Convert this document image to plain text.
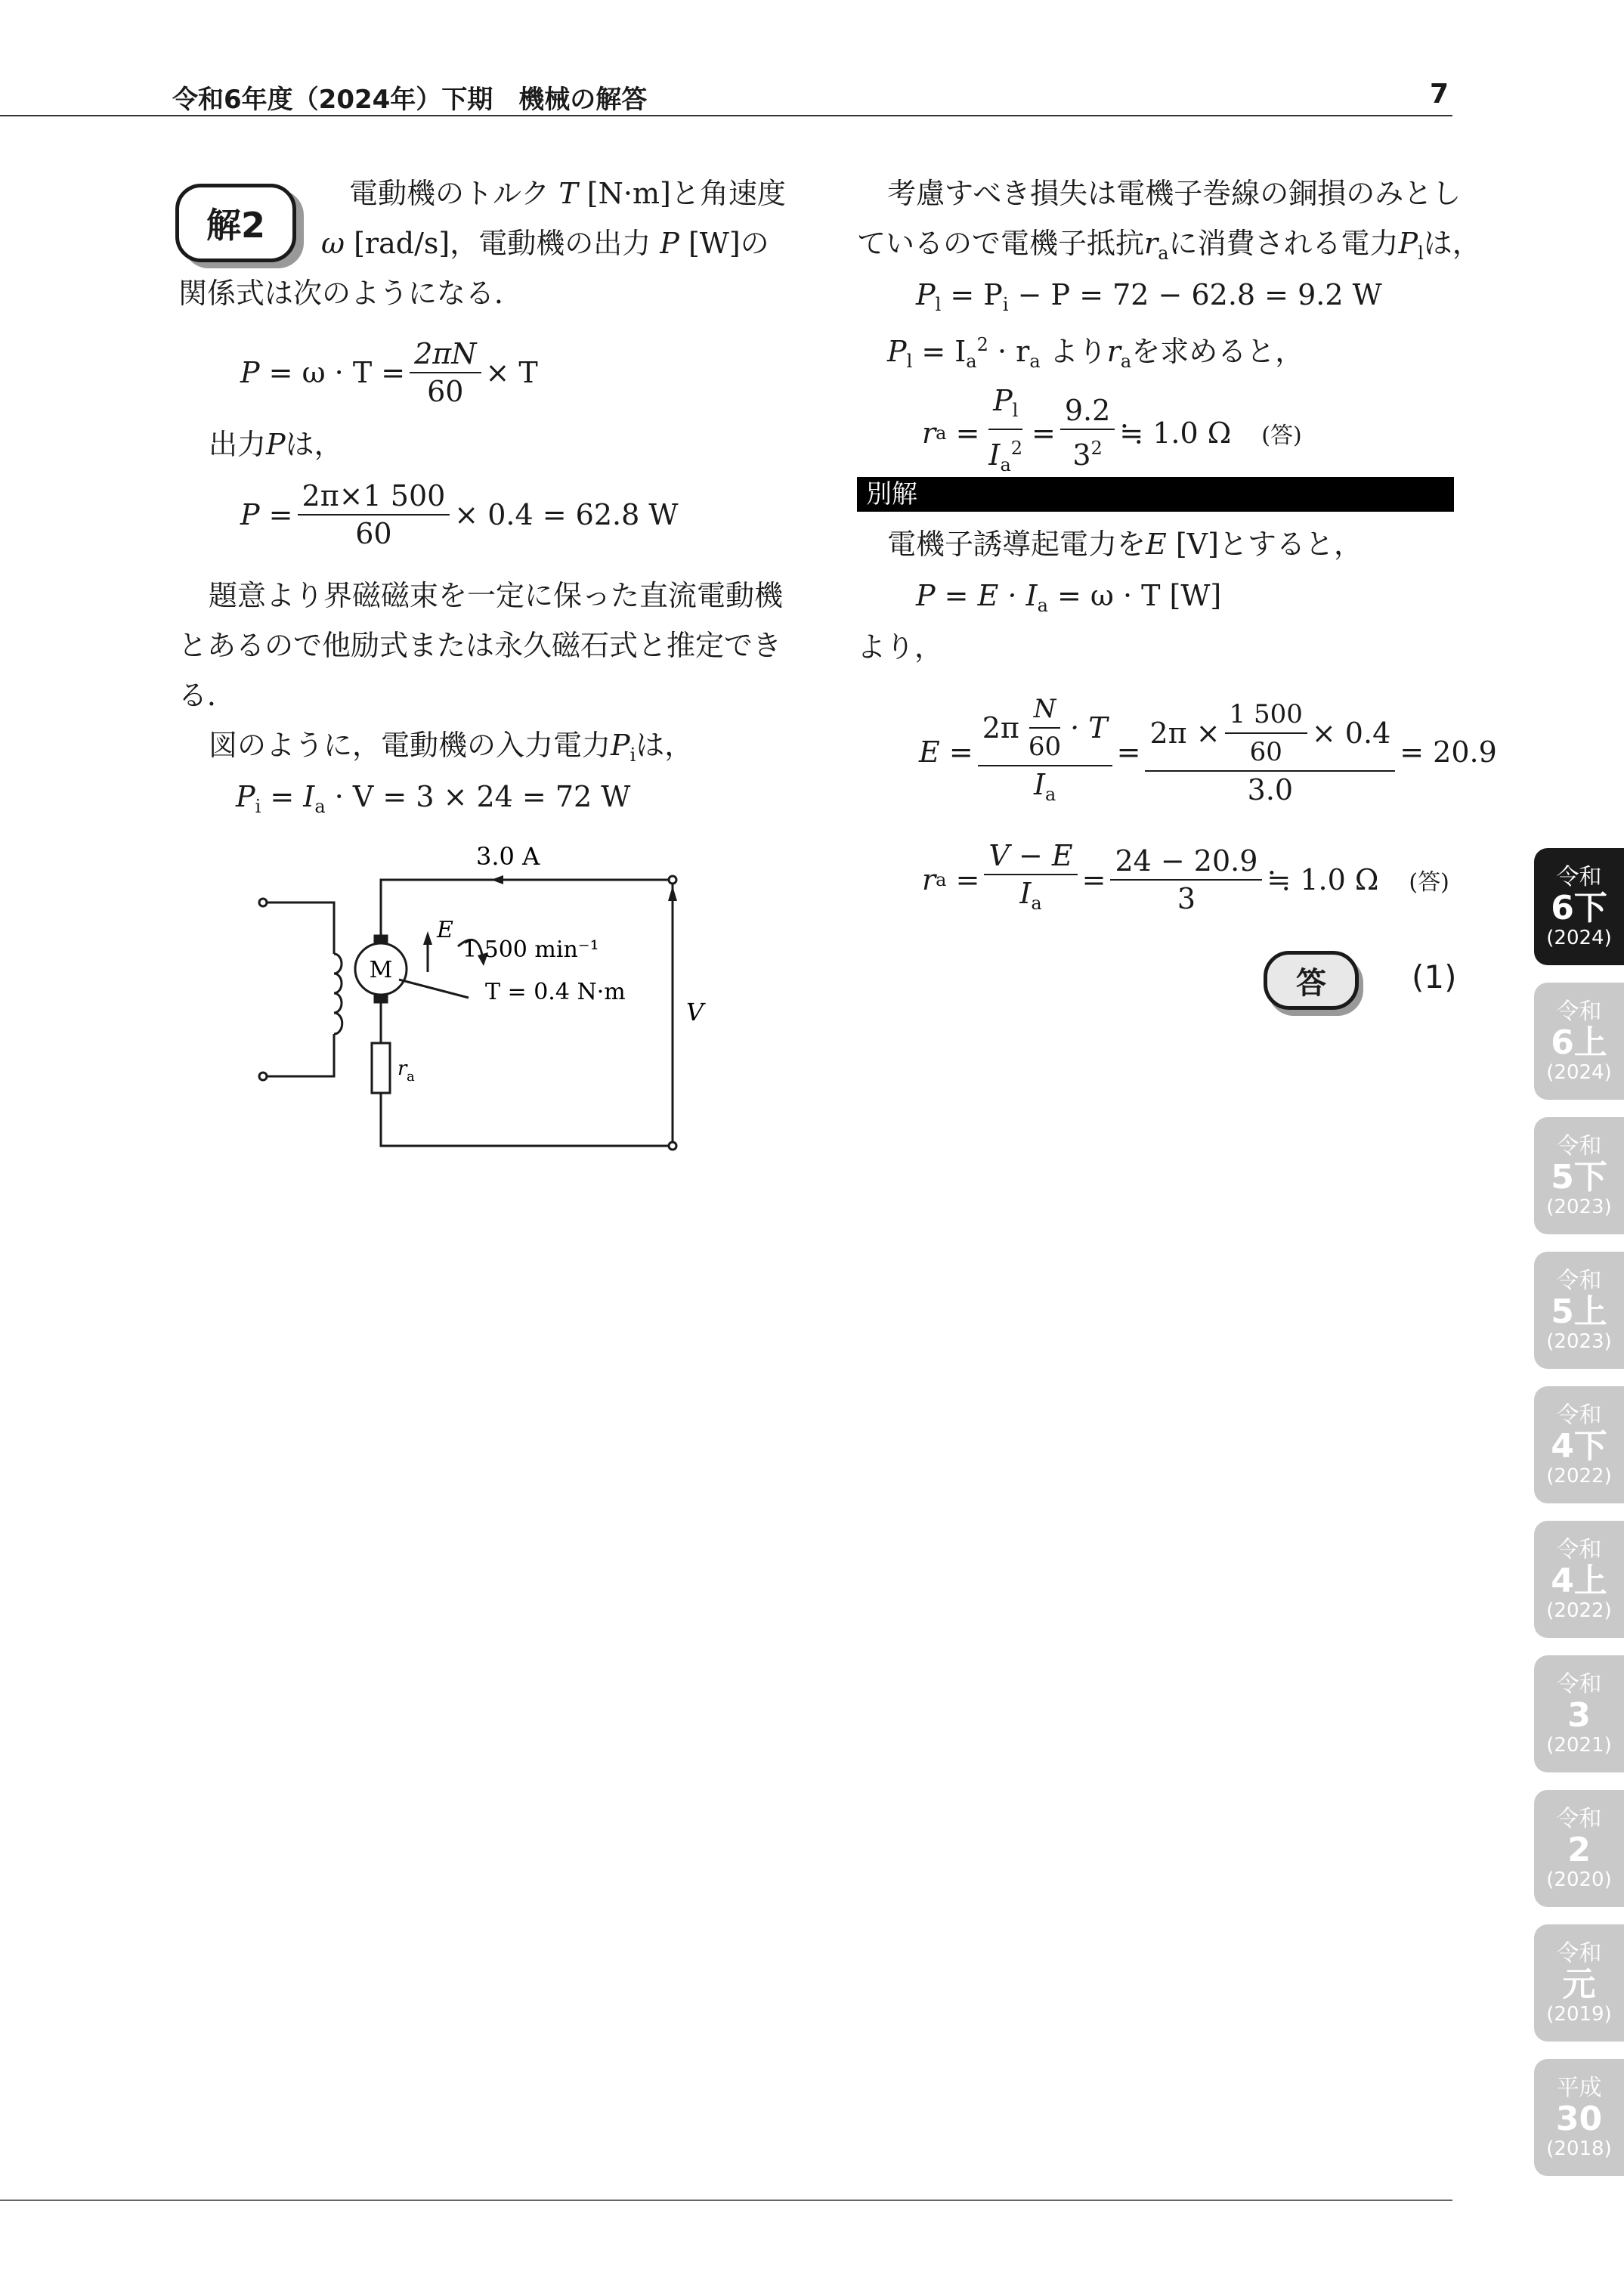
令和6年度（2024年）下期　機械の解答	7
解2
電動機のトルク T [N·m]と角速度
ω [rad/s]，電動機の出力 P [W]の
関係式は次のようになる．
P
= $\omega \cdot T = \frac{2\pi N}{60} \times T$
出力Pは，
P
= $\frac{2\pi\times 1 500}{60} \times 0.4 = 62.8$ W
題意より界磁磁束を一定に保った直流電動機
とあるので他励式または永久磁石式と推定でき
る．
図のように，電動機の入力電力$P_i$は，
$P_i = I_a \cdot V = 3 \times 24 = 72$ W
3.0 A
M
E
1 500 min⁻¹
T = 0.4 N·m
r a
V
考慮すべき損失は電機子巻線の銅損のみとし
ているので電機子抵抗$r_a$に消費される電力$P_l$は，
$P_l = P_i - P = 72 - 62.8 = 9.2$ W
$P_l = I_a^2 \cdot r_a$ より$r_a$を求めると，
r a
= $\frac{P_l}{I_a^2} = \frac{9.2}{3^2}$ ≒ 1.0 Ω (答)
別解
電機子誘導起電力をE [V]とすると，
$P = E \cdot I_a = \omega \cdot T$ [W]
より，
E
= $\frac{2\pi \frac{N}{60} \cdot T}{I_a} = \frac{2\pi \times \frac{1 500}{60} \times 0.4}{3.0} = 20.9$
r a
= $\frac{V - E}{I_a} = \frac{24 - 20.9}{3}$ ≒ 1.0 Ω (答)
答	(1)
令和
6下
(2024)
令和
6上
(2024)
令和
5下
(2023)
令和
5上
(2023)
令和
4下
(2022)
令和
4上
(2022)
令和
3
(2021)
令和
2
(2020)
令和
元
(2019)
平成
30
(2018)
